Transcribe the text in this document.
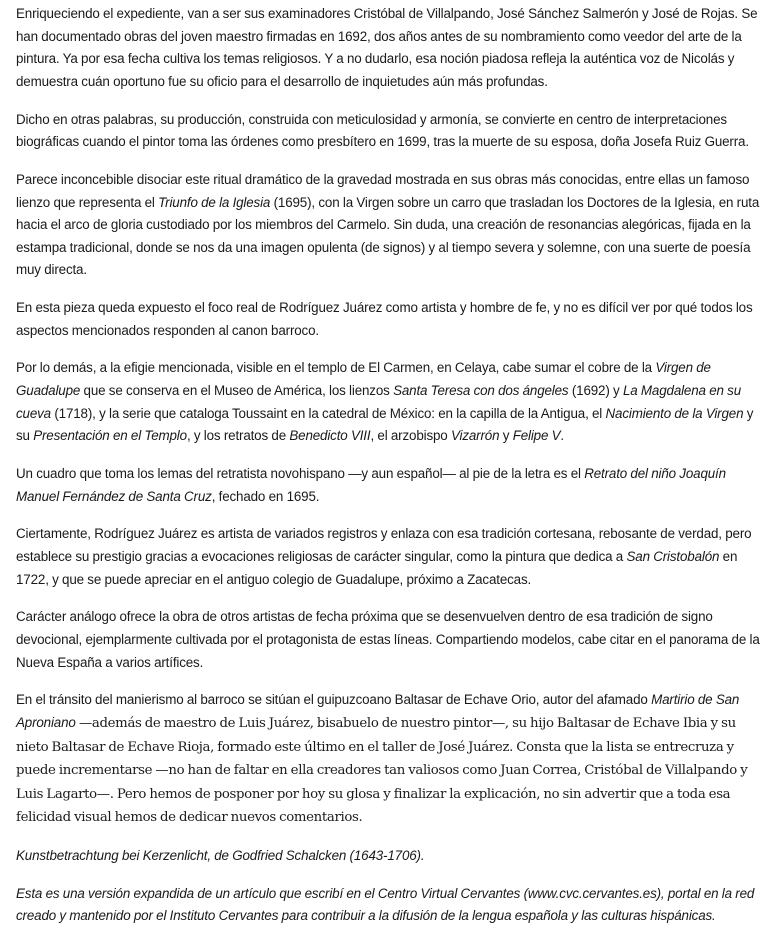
Enriqueciendo el expediente, van a ser sus examinadores Cristóbal de Villalpando, José Sánchez Salmerón y José de Rojas. Se han documentado obras del joven maestro firmadas en 1692, dos años antes de su nombramiento como veedor del arte de la pintura. Ya por esa fecha cultiva los temas religiosos. Y a no dudarlo, esa noción piadosa refleja la auténtica voz de Nicolás y demuestra cuán oportuno fue su oficio para el desarrollo de inquietudes aún más profundas.

Dicho en otras palabras, su producción, construida con meticulosidad y armonía, se convierte en centro de interpretaciones biográficas cuando el pintor toma las órdenes como presbítero en 1699, tras la muerte de su esposa, doña Josefa Ruiz Guerra.

Parece inconcebible disociar este ritual dramático de la gravedad mostrada en sus obras más conocidas, entre ellas un famoso lienzo que representa el Triunfo de la Iglesia (1695), con la Virgen sobre un carro que trasladan los Doctores de la Iglesia, en ruta hacia el arco de gloria custodiado por los miembros del Carmelo. Sin duda, una creación de resonancias alegóricas, fijada en la estampa tradicional, donde se nos da una imagen opulenta (de signos) y al tiempo severa y solemne, con una suerte de poesía muy directa.

En esta pieza queda expuesto el foco real de Rodríguez Juárez como artista y hombre de fe, y no es difícil ver por qué todos los aspectos mencionados responden al canon barroco.

Por lo demás, a la efigie mencionada, visible en el templo de El Carmen, en Celaya, cabe sumar el cobre de la Virgen de Guadalupe que se conserva en el Museo de América, los lienzos Santa Teresa con dos ángeles (1692) y La Magdalena en su cueva (1718), y la serie que cataloga Toussaint en la catedral de México: en la capilla de la Antigua, el Nacimiento de la Virgen y su Presentación en el Templo, y los retratos de Benedicto VIII, el arzobispo Vizarrón y Felipe V.

Un cuadro que toma los lemas del retratista novohispano —y aun español— al pie de la letra es el Retrato del niño Joaquín Manuel Fernández de Santa Cruz, fechado en 1695.

Ciertamente, Rodríguez Juárez es artista de variados registros y enlaza con esa tradición cortesana, rebosante de verdad, pero establece su prestigio gracias a evocaciones religiosas de carácter singular, como la pintura que dedica a San Cristobalón en 1722, y que se puede apreciar en el antiguo colegio de Guadalupe, próximo a Zacatecas.

Carácter análogo ofrece la obra de otros artistas de fecha próxima que se desenvuelven dentro de esa tradición de signo devocional, ejemplarmente cultivada por el protagonista de estas líneas. Compartiendo modelos, cabe citar en el panorama de la Nueva España a varios artífices.

En el tránsito del manierismo al barroco se sitúan el guipuzcoano Baltasar de Echave Orio, autor del afamado Martirio de San Aproniano —además de maestro de Luis Juárez, bisabuelo de nuestro pintor—, su hijo Baltasar de Echave Ibia y su nieto Baltasar de Echave Rioja, formado este último en el taller de José Juárez. Consta que la lista se entrecruza y puede incrementarse —no han de faltar en ella creadores tan valiosos como Juan Correa, Cristóbal de Villalpando y Luis Lagarto—. Pero hemos de posponer por hoy su glosa y finalizar la explicación, no sin advertir que a toda esa felicidad visual hemos de dedicar nuevos comentarios.

Kunstbetrachtung bei Kerzenlicht, de Godfried Schalcken (1643-1706).

Esta es una versión expandida de un artículo que escribí en el Centro Virtual Cervantes (www.cvc.cervantes.es), portal en la red creado y mantenido por el Instituto Cervantes para contribuir a la difusión de la lengua española y las culturas hispánicas.
